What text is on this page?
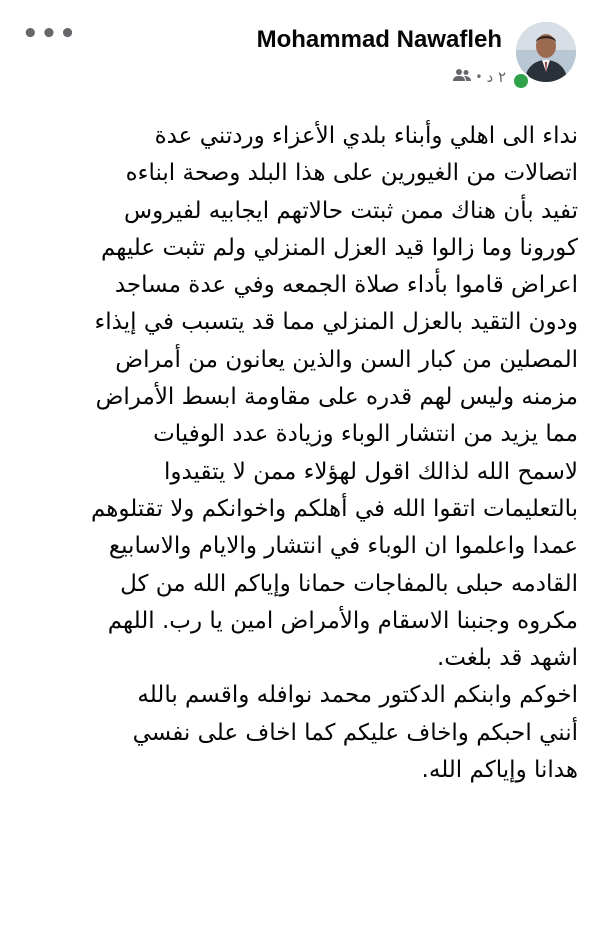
•••	Mohammad Nawafleh
٢ د
•
نداء الى اهلي وأبناء بلدي الأعزاء وردتني عدة
اتصالات من الغيورين على هذا البلد وصحة ابناءه
تفيد بأن هناك ممن ثبتت حالاتهم ايجابيه لفيروس
كورونا وما زالوا قيد العزل المنزلي ولم تثبت عليهم
اعراض قاموا بأداء صلاة الجمعه وفي عدة مساجد
ودون التقيد بالعزل المنزلي مما قد يتسبب في إيذاء
المصلين من كبار السن والذين يعانون من أمراض
مزمنه وليس لهم قدره على مقاومة ابسط الأمراض
مما يزيد من انتشار الوباء وزيادة عدد الوفيات
لاسمح الله لذالك اقول لهؤلاء ممن لا يتقيدوا
بالتعليمات اتقوا الله في أهلكم واخوانكم ولا تقتلوهم
عمدا واعلموا ان الوباء في انتشار والايام والاسابيع
القادمه حبلى بالمفاجات حمانا وإياكم الله من كل
مكروه وجنبنا الاسقام والأمراض امين يا رب. اللهم
اشهد قد بلغت.
اخوكم وابنكم الدكتور محمد نوافله واقسم بالله
أنني احبكم واخاف عليكم كما اخاف على نفسي
هدانا وإياكم الله.
